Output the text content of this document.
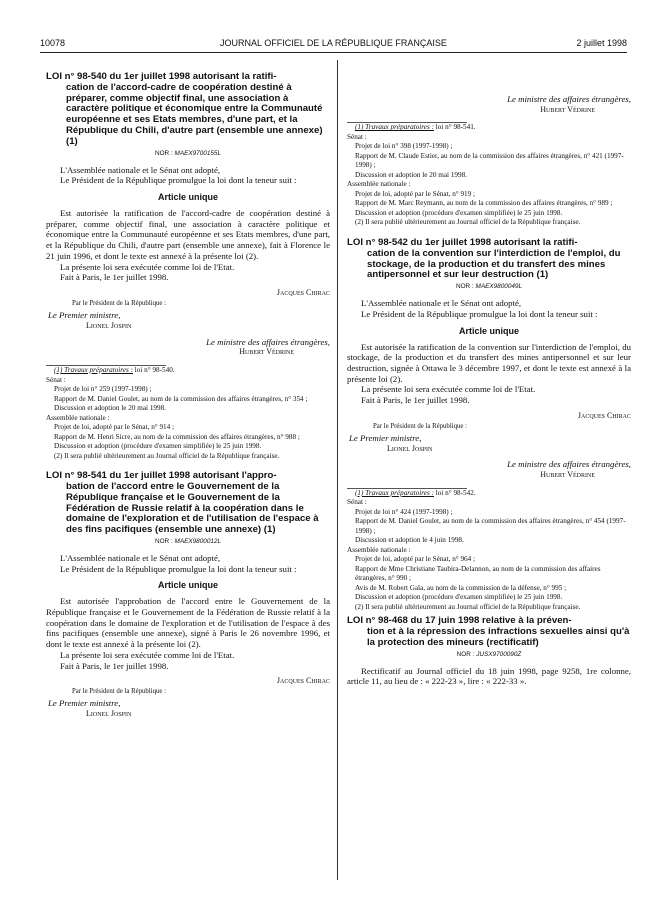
10078	JOURNAL OFFICIEL DE LA RÉPUBLIQUE FRANÇAISE	2 juillet 1998
LOI n° 98-540 du 1er juillet 1998 autorisant la ratifi-
cation de l'accord-cadre de coopération destiné à préparer, comme objectif final, une association à caractère politique et économique entre la Communauté européenne et ses Etats membres, d'une part, et la République du Chili, d'autre part (ensemble une annexe) (1)
NOR : MAEX9700155L

L'Assemblée nationale et le Sénat ont adopté,

Le Président de la République promulgue la loi dont la teneur suit :

Article unique

Est autorisée la ratification de l'accord-cadre de coopération destiné à préparer, comme objectif final, une association à caractère politique et économique entre la Communauté européenne et ses Etats membres, d'une part, et la République du Chili, d'autre part (ensemble une annexe), fait à Florence le 21 juin 1996, et dont le texte est annexé à la présente loi (2).

La présente loi sera exécutée comme loi de l'Etat.

Fait à Paris, le 1er juillet 1998.

Jacques Chirac
Par le Président de la République :
Le Premier ministre,
Lionel Jospin
Le ministre des affaires étrangères,
Hubert Védrine
(1) Travaux préparatoires : loi n° 98-540.
Sénat :
Projet de loi n° 259 (1997-1998) ;
Rapport de M. Daniel Goulet, au nom de la commission des affaires étrangères, n° 354 ;
Discussion et adoption le 20 mai 1998.
Assemblée nationale :
Projet de loi, adopté par le Sénat, n° 914 ;
Rapport de M. Henri Sicre, au nom de la commission des affaires étrangères, n° 988 ;
Discussion et adoption (procédure d'examen simplifiée) le 25 juin 1998.
(2) Il sera publié ultérieurement au Journal officiel de la République française.
LOI n° 98-541 du 1er juillet 1998 autorisant l'appro-
bation de l'accord entre le Gouvernement de la République française et le Gouvernement de la Fédération de Russie relatif à la coopération dans le domaine de l'exploration et de l'utilisation de l'espace à des fins pacifiques (ensemble une annexe) (1)
NOR : MAEX9800012L

L'Assemblée nationale et le Sénat ont adopté,

Le Président de la République promulgue la loi dont la teneur suit :

Article unique

Est autorisée l'approbation de l'accord entre le Gouvernement de la République française et le Gouvernement de la Fédération de Russie relatif à la coopération dans le domaine de l'exploration et de l'utilisation de l'espace à des fins pacifiques (ensemble une annexe), signé à Paris le 26 novembre 1996, et dont le texte est annexé à la présente loi (2).

La présente loi sera exécutée comme loi de l'Etat.

Fait à Paris, le 1er juillet 1998.

Jacques Chirac
Par le Président de la République :
Le Premier ministre,
Lionel Jospin
Le ministre des affaires étrangères,
Hubert Védrine
(1) Travaux préparatoires : loi n° 98-541.
Sénat :
Projet de loi n° 398 (1997-1998) ;
Rapport de M. Claude Estier, au nom de la commission des affaires étrangères, n° 421 (1997-1998) ;
Discussion et adoption le 20 mai 1998.
Assemblée nationale :
Projet de loi, adopté par le Sénat, n° 919 ;
Rapport de M. Marc Reymann, au nom de la commission des affaires étrangères, n° 989 ;
Discussion et adoption (procédure d'examen simplifiée) le 25 juin 1998.
(2) Il sera publié ultérieurement au Journal officiel de la République française.
LOI n° 98-542 du 1er juillet 1998 autorisant la ratifi-
cation de la convention sur l'interdiction de l'emploi, du stockage, de la production et du transfert des mines antipersonnel et sur leur destruction (1)
NOR : MAEX9800049L

L'Assemblée nationale et le Sénat ont adopté,

Le Président de la République promulgue la loi dont la teneur suit :

Article unique

Est autorisée la ratification de la convention sur l'interdiction de l'emploi, du stockage, de la production et du transfert des mines antipersonnel et sur leur destruction, signée à Ottawa le 3 décembre 1997, et dont le texte est annexé à la présente loi (2).

La présente loi sera exécutée comme loi de l'Etat.

Fait à Paris, le 1er juillet 1998.

Jacques Chirac
Par le Président de la République :
Le Premier ministre,
Lionel Jospin
Le ministre des affaires étrangères,
Hubert Védrine
(1) Travaux préparatoires : loi n° 98-542.
Sénat :
Projet de loi n° 424 (1997-1998) ;
Rapport de M. Daniel Goulet, au nom de la commission des affaires étrangères, n° 454 (1997-1998) ;
Discussion et adoption le 4 juin 1998.
Assemblée nationale :
Projet de loi, adopté par le Sénat, n° 964 ;
Rapport de Mme Christiane Taubira-Delannon, au nom de la commission des affaires étrangères, n° 990 ;
Avis de M. Robert Gaïa, au nom de la commission de la défense, n° 995 ;
Discussion et adoption (procédure d'examen simplifiée) le 25 juin 1998.
(2) Il sera publié ultérieurement au Journal officiel de la République française.
LOI n° 98-468 du 17 juin 1998 relative à la préven-
tion et à la répression des infractions sexuelles ainsi qu'à la protection des mineurs (rectificatif)
NOR : JUSX9700090Z

Rectificatif au Journal officiel du 18 juin 1998, page 9258, 1re colonne, article 11, au lieu de : « 222-23 », lire : « 222-33 ».
